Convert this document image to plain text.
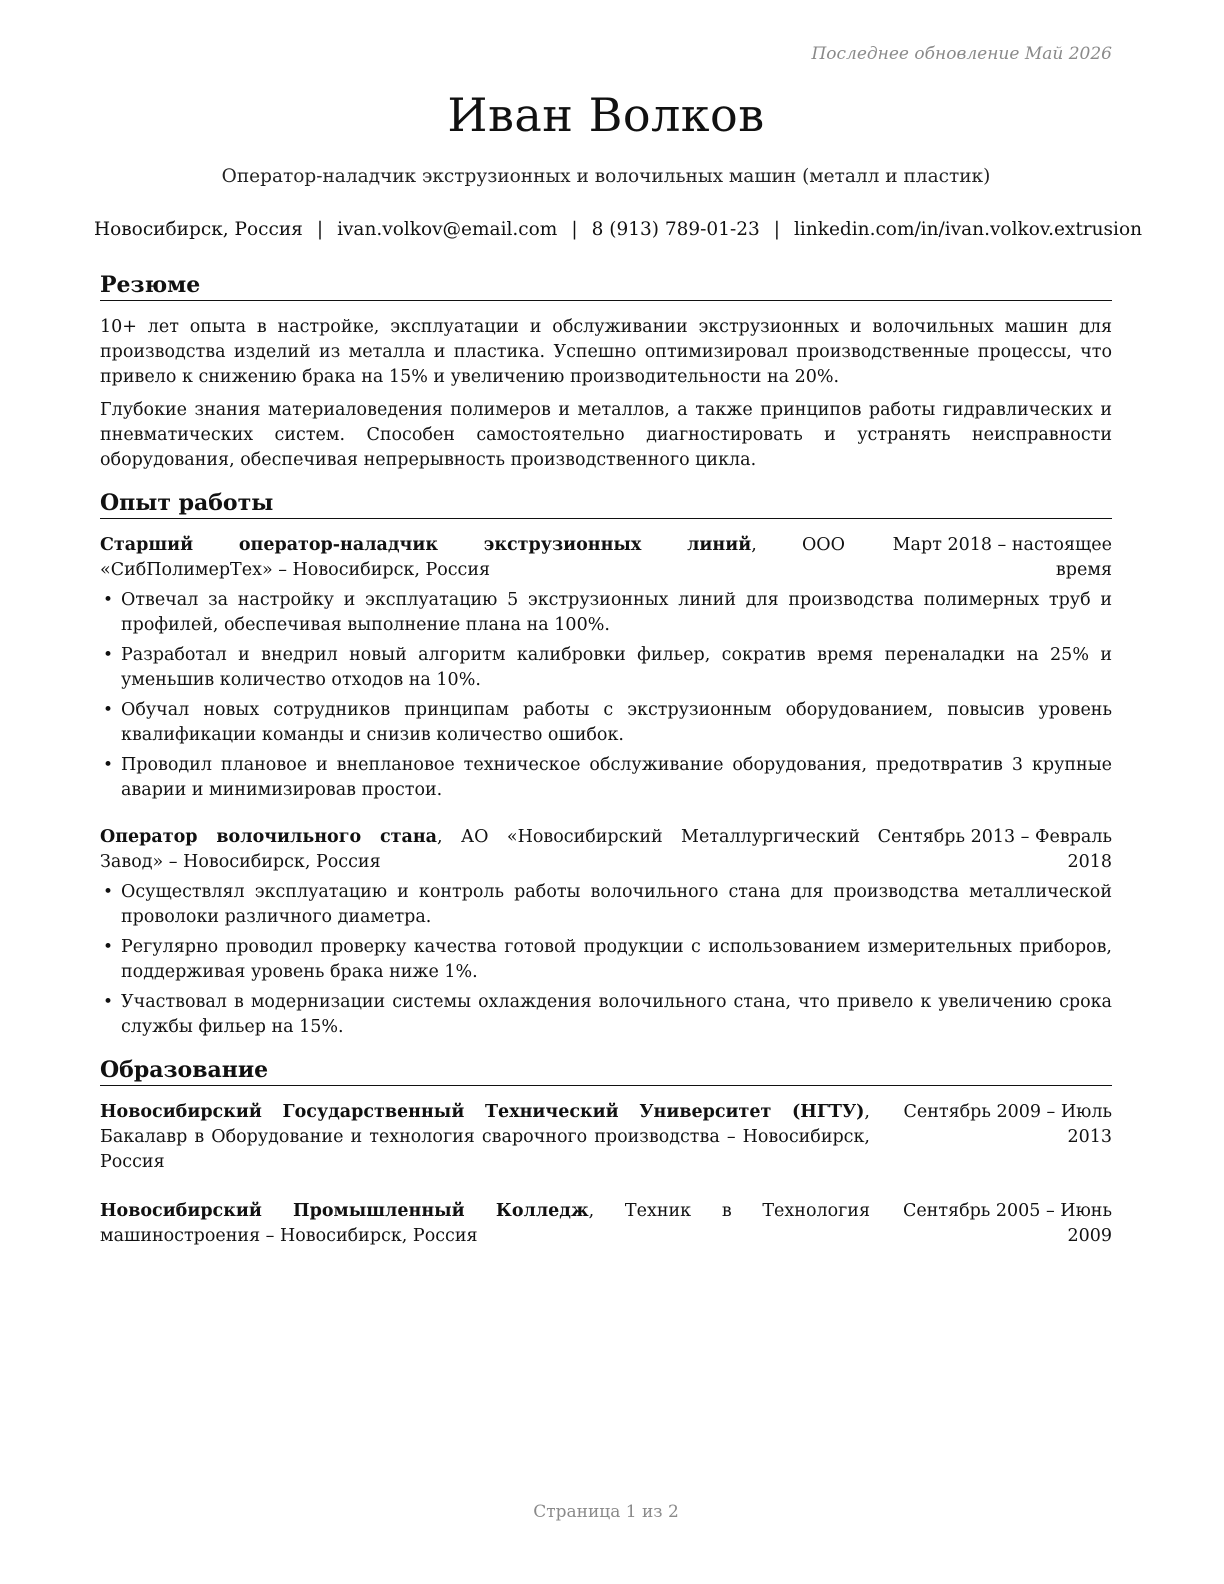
Последнее обновление Май 2026
Иван Волков
Оператор-наладчик экструзионных и волочильных машин (металл и пластик)
Новосибирск, Россия | ivan.volkov@email.com | 8 (913) 789-01-23 | linkedin.com/in/ivan.volkov.extrusion
Резюме

10+ лет опыта в настройке, эксплуатации и обслуживании экструзионных и волочильных машин для производства изделий из металла и пластика. Успешно оптимизировал производственные процессы, что привело к снижению брака на 15% и увеличению производительности на 20%.

Глубокие знания материаловедения полимеров и металлов, а также принципов работы гидравлических и пневматических систем. Способен самостоятельно диагностировать и устранять неисправности оборудования, обеспечивая непрерывность производственного цикла.

Опыт работы
Старший оператор-наладчик экструзионных линий, ООО «СибПолимерТех» – Новосибирск, Россия
Март 2018 – настоящее время
• Отвечал за настройку и эксплуатацию 5 экструзионных линий для производства полимерных труб и профилей, обеспечивая выполнение плана на 100%.
• Разработал и внедрил новый алгоритм калибровки фильер, сократив время переналадки на 25% и уменьшив количество отходов на 10%.
• Обучал новых сотрудников принципам работы с экструзионным оборудованием, повысив уровень квалификации команды и снизив количество ошибок.
• Проводил плановое и внеплановое техническое обслуживание оборудования, предотвратив 3 крупные аварии и минимизировав простои.
Оператор волочильного стана, АО «Новосибирский Металлургический Завод» – Новосибирск, Россия
Сентябрь 2013 – Февраль 2018
• Осуществлял эксплуатацию и контроль работы волочильного стана для производства металлической проволоки различного диаметра.
• Регулярно проводил проверку качества готовой продукции с использованием измерительных приборов, поддерживая уровень брака ниже 1%.
• Участвовал в модернизации системы охлаждения волочильного стана, что привело к увеличению срока службы фильер на 15%.
Образование
Новосибирский Государственный Технический Университет (НГТУ), Бакалавр в Оборудование и технология сварочного производства – Новосибирск, Россия
Сентябрь 2009 – Июль 2013
Новосибирский Промышленный Колледж, Техник в Технология машиностроения – Новосибирск, Россия
Сентябрь 2005 – Июнь 2009
Страница 1 из 2
